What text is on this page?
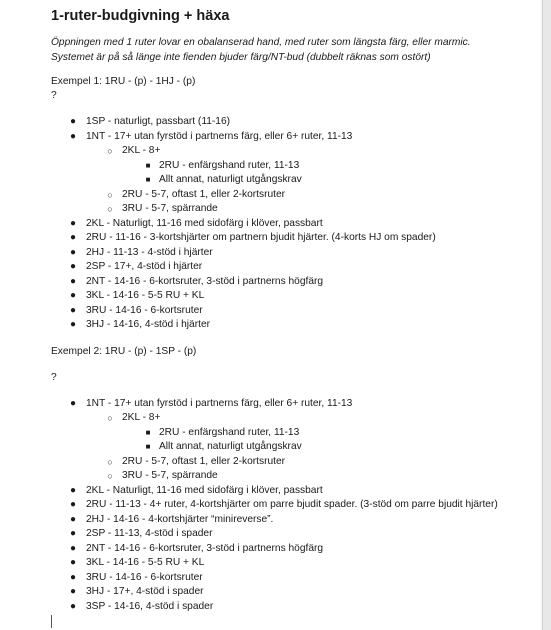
1-ruter-budgivning + häxa

Öppningen med 1 ruter lovar en obalanserad hand, med ruter som längsta färg, eller marmic.
Systemet är på så länge inte fienden bjuder färg/NT-bud (dubbelt räknas som ostört)

Exempel 1: 1RU - (p) - 1HJ - (p)

?

● 1SP - naturligt, passbart (11-16)
● 1NT - 17+ utan fyrstöd i partnerns färg, eller 6+ ruter, 11-13
○ 2KL - 8+
■ 2RU - enfärgshand ruter, 11-13
■ Allt annat, naturligt utgångskrav
○ 2RU - 5-7, oftast 1, eller 2-kortsruter
○ 3RU - 5-7, spärrande
● 2KL - Naturligt, 11-16 med sidofärg i klöver, passbart
● 2RU - 11-16 - 3-kortshjärter om partnern bjudit hjärter. (4-korts HJ om spader)
● 2HJ - 11-13 - 4-stöd i hjärter
● 2SP - 17+, 4-stöd i hjärter
● 2NT - 14-16 - 6-kortsruter, 3-stöd i partnerns högfärg
● 3KL - 14-16 - 5-5 RU + KL
● 3RU - 14-16 - 6-kortsruter
● 3HJ - 14-16, 4-stöd i hjärter

Exempel 2: 1RU - (p) - 1SP - (p)

?

● 1NT - 17+ utan fyrstöd i partnerns färg, eller 6+ ruter, 11-13
○ 2KL - 8+
■ 2RU - enfärgshand ruter, 11-13
■ Allt annat, naturligt utgångskrav
○ 2RU - 5-7, oftast 1, eller 2-kortsruter
○ 3RU - 5-7, spärrande
● 2KL - Naturligt, 11-16 med sidofärg i klöver, passbart
● 2RU - 11-13 - 4+ ruter, 4-kortshjärter om parre bjudit spader. (3-stöd om parre bjudit hjärter)
● 2HJ - 14-16 - 4-kortshjärter “minireverse”.
● 2SP - 11-13, 4-stöd i spader
● 2NT - 14-16 - 6-kortsruter, 3-stöd i partnerns högfärg
● 3KL - 14-16 - 5-5 RU + KL
● 3RU - 14-16 - 6-kortsruter
● 3HJ - 17+, 4-stöd i spader
● 3SP - 14-16, 4-stöd i spader
